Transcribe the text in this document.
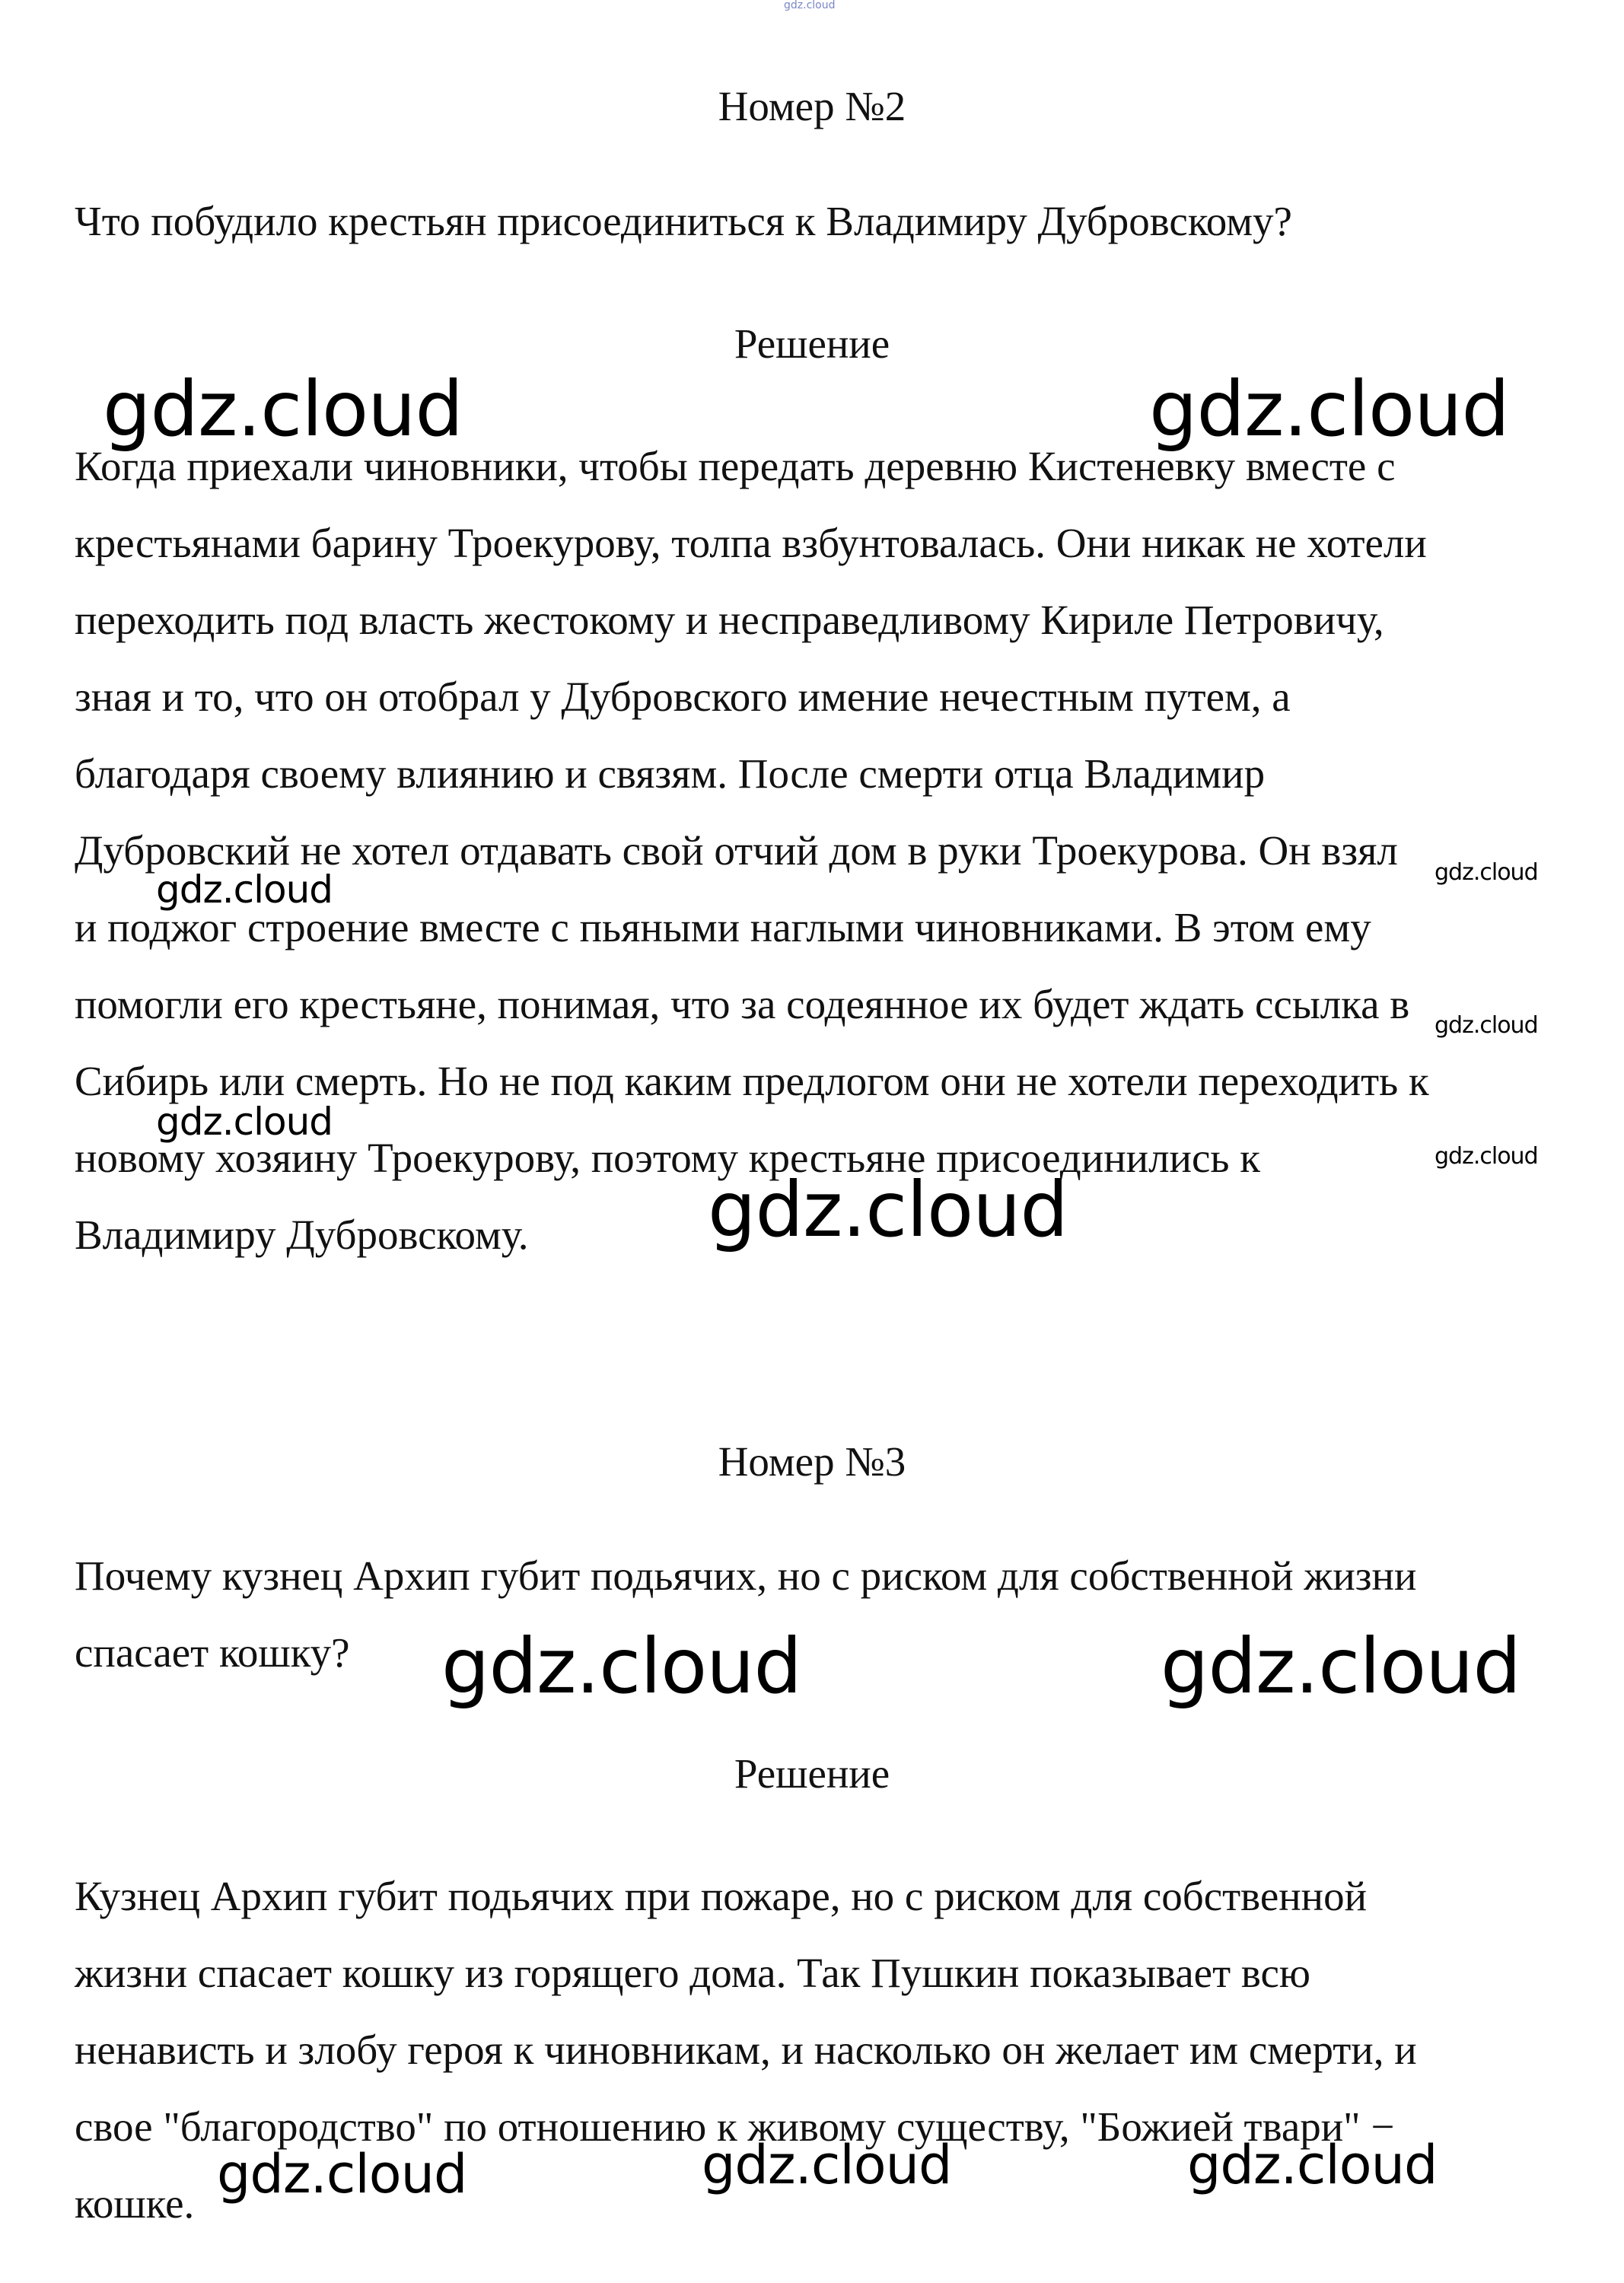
gdz.cloud
Номер №2
Что побудило крестьян присоединиться к Владимиру Дубровскому?
Решение
Когда приехали чиновники, чтобы передать деревню Кистеневку вместе с
крестьянами барину Троекурову, толпа взбунтовалась. Они никак не хотели
переходить под власть жестокому и несправедливому Кириле Петровичу,
зная и то, что он отобрал у Дубровского имение нечестным путем, а
благодаря своему влиянию и связям. После смерти отца Владимир
Дубровский не хотел отдавать свой отчий дом в руки Троекурова. Он взял
и поджог строение вместе с пьяными наглыми чиновниками. В этом ему
помогли его крестьяне, понимая, что за содеянное их будет ждать ссылка в
Сибирь или смерть. Но не под каким предлогом они не хотели переходить к
новому хозяину Троекурову, поэтому крестьяне присоединились к
Владимиру Дубровскому.
Номер №3
Почему кузнец Архип губит подьячих, но с риском для собственной жизни
спасает кошку?
Решение
Кузнец Архип губит подьячих при пожаре, но с риском для собственной
жизни спасает кошку из горящего дома. Так Пушкин показывает всю
ненависть и злобу героя к чиновникам, и насколько он желает им смерти, и
свое "благородство" по отношению к живому существу, "Божией твари" −
кошке.
gdz.cloud	gdz.cloud
gdz.cloud	gdz.cloud
gdz.cloud
gdz.cloud
gdz.cloud
gdz.cloud
gdz.cloud	gdz.cloud
gdz.cloud	gdz.cloud	gdz.cloud
